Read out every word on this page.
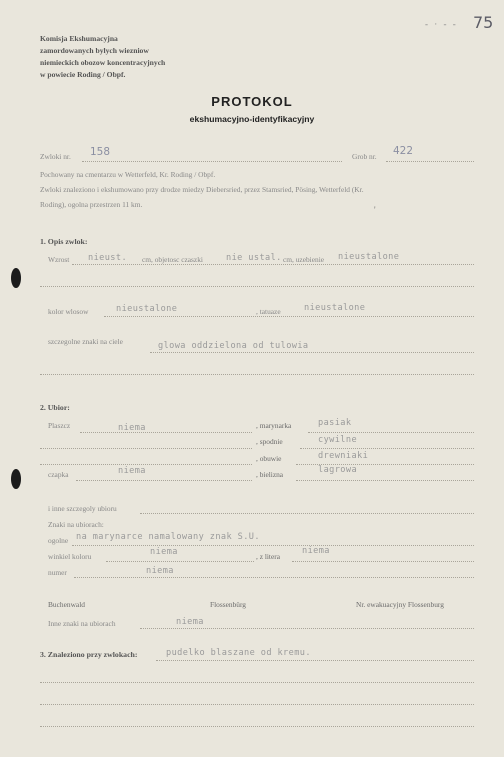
75
- · - -
Komisja Ekshumacyjna
zamordowanych bylych wiezniow
niemieckich obozow koncentracyjnych
w powiecie Roding / Obpf.
PROTOKOL
ekshumacyjno-identyfikacyjny
Zwloki nr. 158	Grob nr. 422
Pochowany na cmentarzu w Wetterfeld, Kr. Roding / Obpf.
Zwloki znaleziono i ekshumowano przy drodze miedzy Diebersried, przez Stamsried, Pösing, Wetterfeld (Kr.
Roding), ogolna przestrzen 11 km.
'
1. Opis zwlok:
Wzrost nieust. cm, objetosc czaszki	nie ustal. cm, uzebienie nieustalone
kolor wlosow	nieustalone	, tatuaze	nieustalone
szczegolne znaki na ciele	glowa oddzielona od tulowia
2. Ubior:
Plaszcz	niema	, marynarka	pasiak
, spodnie	cywilne
, obuwie	drewniaki
czapka	niema	, bielizna	lagrowa
i inne szczegoly ubioru
Znaki na ubiorach:
ogolne na marynarce namalowany znak S.U.
winkiel koloru	niema	, z litera
niema
numer	niema
Buchenwald	Flossenbürg	Nr. ewakuacyjny Flossenburg
Inne znaki na ubiorach	niema
3. Znaleziono przy zwlokach:	pudelko blaszane od kremu.
